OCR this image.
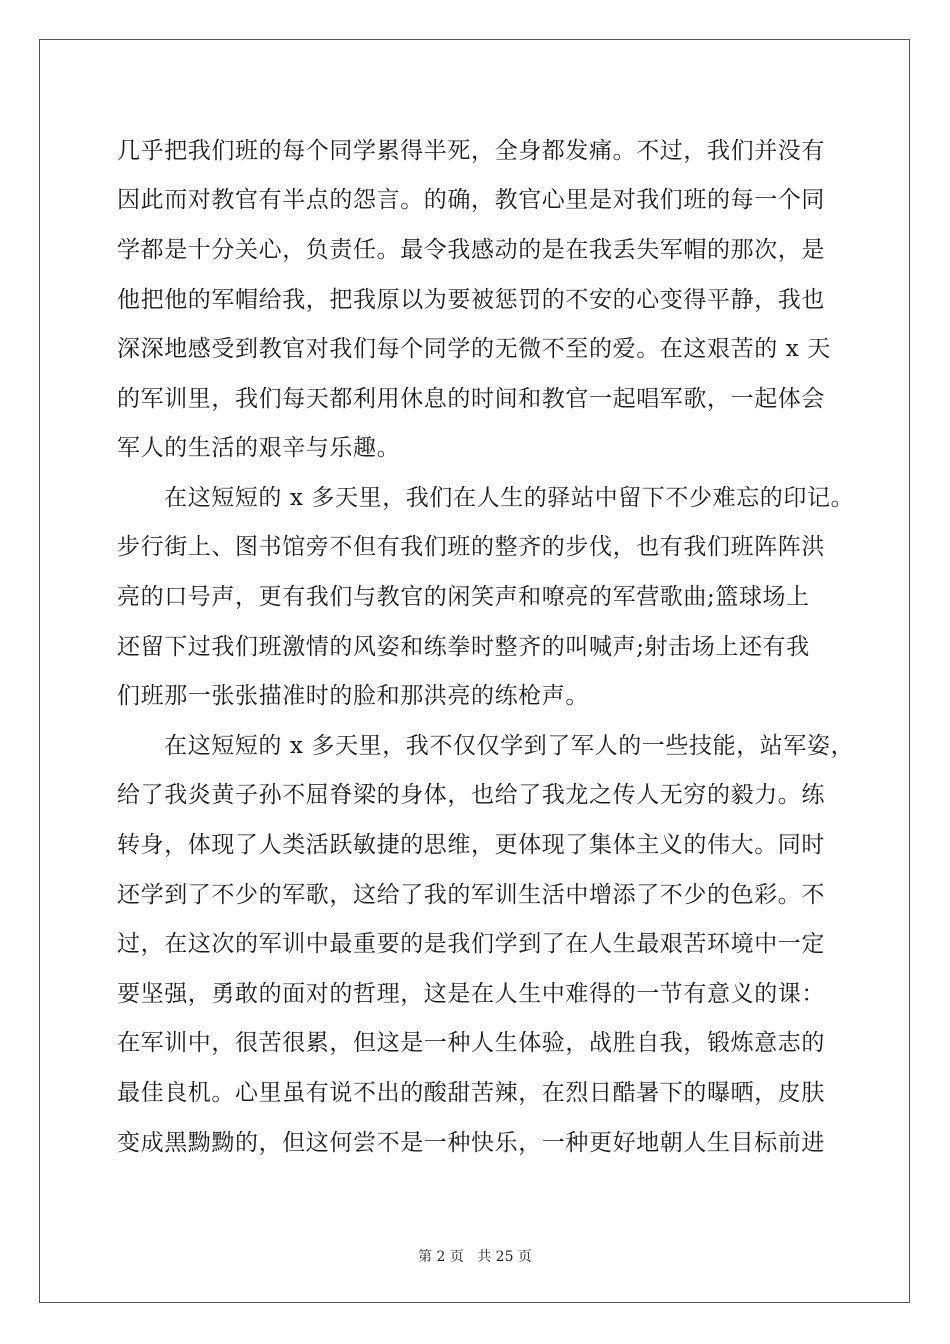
几乎把我们班的每个同学累得半死，全身都发痛。不过，我们并没有
因此而对教官有半点的怨言。的确，教官心里是对我们班的每一个同
学都是十分关心，负责任。最令我感动的是在我丢失军帽的那次，是
他把他的军帽给我，把我原以为要被惩罚的不安的心变得平静，我也
深深地感受到教官对我们每个同学的无微不至的爱。在这艰苦的 x 天
的军训里，我们每天都利用休息的时间和教官一起唱军歌，一起体会
军人的生活的艰辛与乐趣。
在这短短的 x 多天里，我们在人生的驿站中留下不少难忘的印记。
步行街上、图书馆旁不但有我们班的整齐的步伐，也有我们班阵阵洪
亮的口号声，更有我们与教官的闲笑声和嘹亮的军营歌曲;篮球场上
还留下过我们班激情的风姿和练拳时整齐的叫喊声;射击场上还有我
们班那一张张描准时的脸和那洪亮的练枪声。
在这短短的 x 多天里，我不仅仅学到了军人的一些技能，站军姿，
给了我炎黄子孙不屈脊梁的身体，也给了我龙之传人无穷的毅力。练
转身，体现了人类活跃敏捷的思维，更体现了集体主义的伟大。同时
还学到了不少的军歌，这给了我的军训生活中增添了不少的色彩。不
过，在这次的军训中最重要的是我们学到了在人生最艰苦环境中一定
要坚强，勇敢的面对的哲理，这是在人生中难得的一节有意义的课：
在军训中，很苦很累，但这是一种人生体验，战胜自我，锻炼意志的
最佳良机。心里虽有说不出的酸甜苦辣，在烈日酷暑下的曝晒，皮肤
变成黑黝黝的，但这何尝不是一种快乐，一种更好地朝人生目标前进
第 2 页 共 25 页
